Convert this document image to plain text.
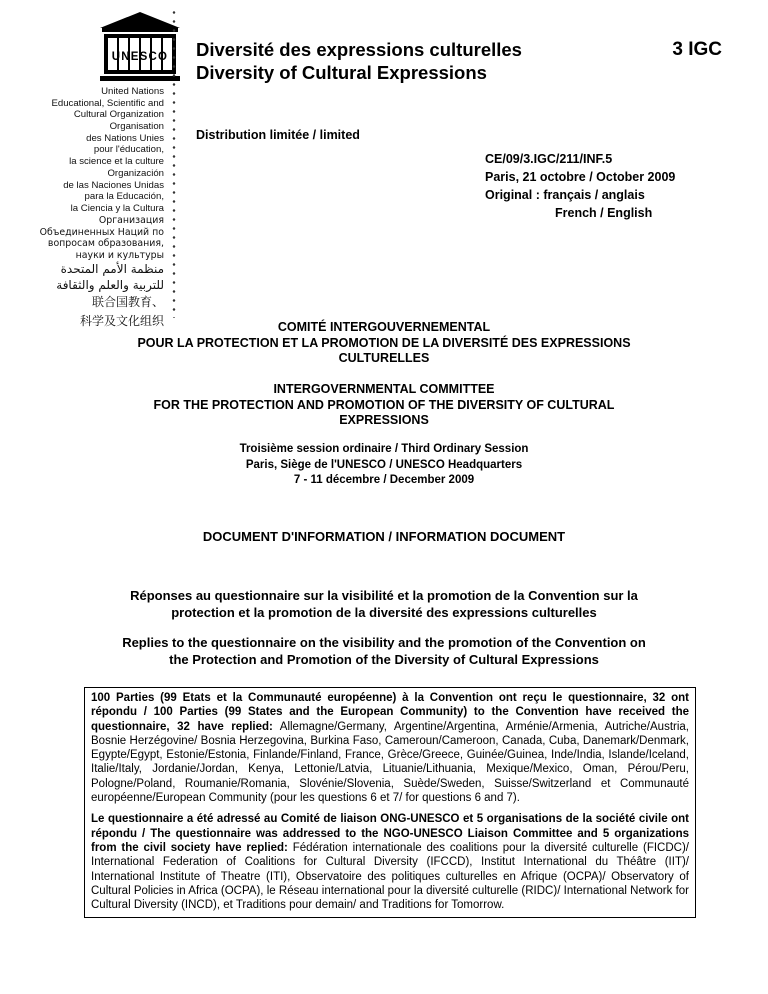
UNESCO
United Nations
Educational, Scientific and
Cultural Organization
Organisation
des Nations Unies
pour l'éducation,
la science et la culture
Organización
de las Naciones Unidas
para la Educación,
la Ciencia y la Cultura
Организация
Объединенных Наций по
вопросам образования,
науки и культуры
منظمة الأمم المتحدة
للتربية والعلم والثقافة
联合国教育、
科学及文化组织
Diversité des expressions culturelles
Diversity of Cultural Expressions
3 IGC
Distribution limitée / limited
CE/09/3.IGC/211/INF.5
Paris, 21 octobre / October 2009
Original : français / anglais
French / English
COMITÉ INTERGOUVERNEMENTAL
POUR LA PROTECTION ET LA PROMOTION DE LA DIVERSITÉ DES EXPRESSIONS
CULTURELLES
INTERGOVERNMENTAL COMMITTEE
FOR THE PROTECTION AND PROMOTION OF THE DIVERSITY OF CULTURAL
EXPRESSIONS
Troisième session ordinaire / Third Ordinary Session
Paris, Siège de l'UNESCO / UNESCO Headquarters
7 - 11 décembre / December 2009
DOCUMENT D'INFORMATION / INFORMATION DOCUMENT
Réponses au questionnaire sur la visibilité et la promotion de la Convention sur la
protection et la promotion de la diversité des expressions culturelles
Replies to the questionnaire on the visibility and the promotion of the Convention on
the Protection and Promotion of the Diversity of Cultural Expressions

100 Parties (99 Etats et la Communauté européenne) à la Convention ont reçu le questionnaire, 32 ont répondu / 100 Parties (99 States and the European Community) to the Convention have received the questionnaire, 32 have replied: Allemagne/Germany, Argentine/Argentina, Arménie/Armenia, Autriche/Austria, Bosnie Herzégovine/ Bosnia Herzegovina, Burkina Faso, Cameroun/Cameroon, Canada, Cuba, Danemark/Denmark, Egypte/Egypt, Estonie/Estonia, Finlande/Finland, France, Grèce/Greece, Guinée/Guinea, Inde/India, Islande/Iceland, Italie/Italy, Jordanie/Jordan, Kenya, Lettonie/Latvia, Lituanie/Lithuania, Mexique/Mexico, Oman, Pérou/Peru, Pologne/Poland, Roumanie/Romania, Slovénie/Slovenia, Suède/Sweden, Suisse/Switzerland et Communauté européenne/European Community (pour les questions 6 et 7/ for questions 6 and 7).

Le questionnaire a été adressé au Comité de liaison ONG-UNESCO et 5 organisations de la société civile ont répondu / The questionnaire was addressed to the NGO-UNESCO Liaison Committee and 5 organizations from the civil society have replied: Fédération internationale des coalitions pour la diversité culturelle (FICDC)/ International Federation of Coalitions for Cultural Diversity (IFCCD), Institut International du Théâtre (IIT)/ International Institute of Theatre (ITI), Observatoire des politiques culturelles en Afrique (OCPA)/ Observatory of Cultural Policies in Africa (OCPA), le Réseau international pour la diversité culturelle (RIDC)/ International Network for Cultural Diversity (INCD), et Traditions pour demain/ and Traditions for Tomorrow.
